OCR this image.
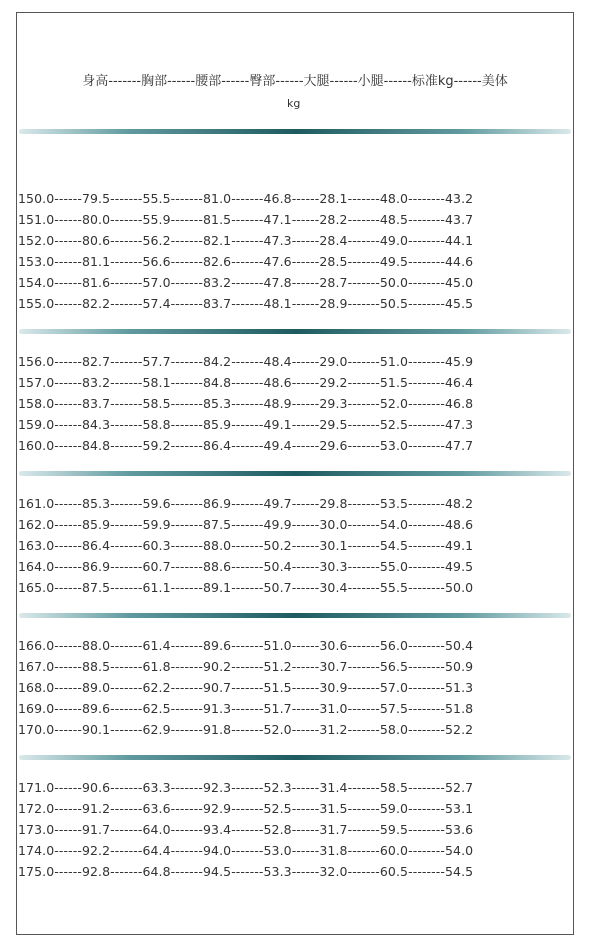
身高-------胸部------腰部------臀部------大腿------小腿------标准kg------美体
kg
150.0------79.5-------55.5-------81.0-------46.8------28.1-------48.0--------43.2
151.0------80.0-------55.9-------81.5-------47.1------28.2-------48.5--------43.7
152.0------80.6-------56.2-------82.1-------47.3------28.4-------49.0--------44.1
153.0------81.1-------56.6-------82.6-------47.6------28.5-------49.5--------44.6
154.0------81.6-------57.0-------83.2-------47.8------28.7-------50.0--------45.0
155.0------82.2-------57.4-------83.7-------48.1------28.9-------50.5--------45.5
156.0------82.7-------57.7-------84.2-------48.4------29.0-------51.0--------45.9
157.0------83.2-------58.1-------84.8-------48.6------29.2-------51.5--------46.4
158.0------83.7-------58.5-------85.3-------48.9------29.3-------52.0--------46.8
159.0------84.3-------58.8-------85.9-------49.1------29.5-------52.5--------47.3
160.0------84.8-------59.2-------86.4-------49.4------29.6-------53.0--------47.7
161.0------85.3-------59.6-------86.9-------49.7------29.8-------53.5--------48.2
162.0------85.9-------59.9-------87.5-------49.9------30.0-------54.0--------48.6
163.0------86.4-------60.3-------88.0-------50.2------30.1-------54.5--------49.1
164.0------86.9-------60.7-------88.6-------50.4------30.3-------55.0--------49.5
165.0------87.5-------61.1-------89.1-------50.7------30.4-------55.5--------50.0
166.0------88.0-------61.4-------89.6-------51.0------30.6-------56.0--------50.4
167.0------88.5-------61.8-------90.2-------51.2------30.7-------56.5--------50.9
168.0------89.0-------62.2-------90.7-------51.5------30.9-------57.0--------51.3
169.0------89.6-------62.5-------91.3-------51.7------31.0-------57.5--------51.8
170.0------90.1-------62.9-------91.8-------52.0------31.2-------58.0--------52.2
171.0------90.6-------63.3-------92.3-------52.3------31.4-------58.5--------52.7
172.0------91.2-------63.6-------92.9-------52.5------31.5-------59.0--------53.1
173.0------91.7-------64.0-------93.4-------52.8------31.7-------59.5--------53.6
174.0------92.2-------64.4-------94.0-------53.0------31.8-------60.0--------54.0
175.0------92.8-------64.8-------94.5-------53.3------32.0-------60.5--------54.5
